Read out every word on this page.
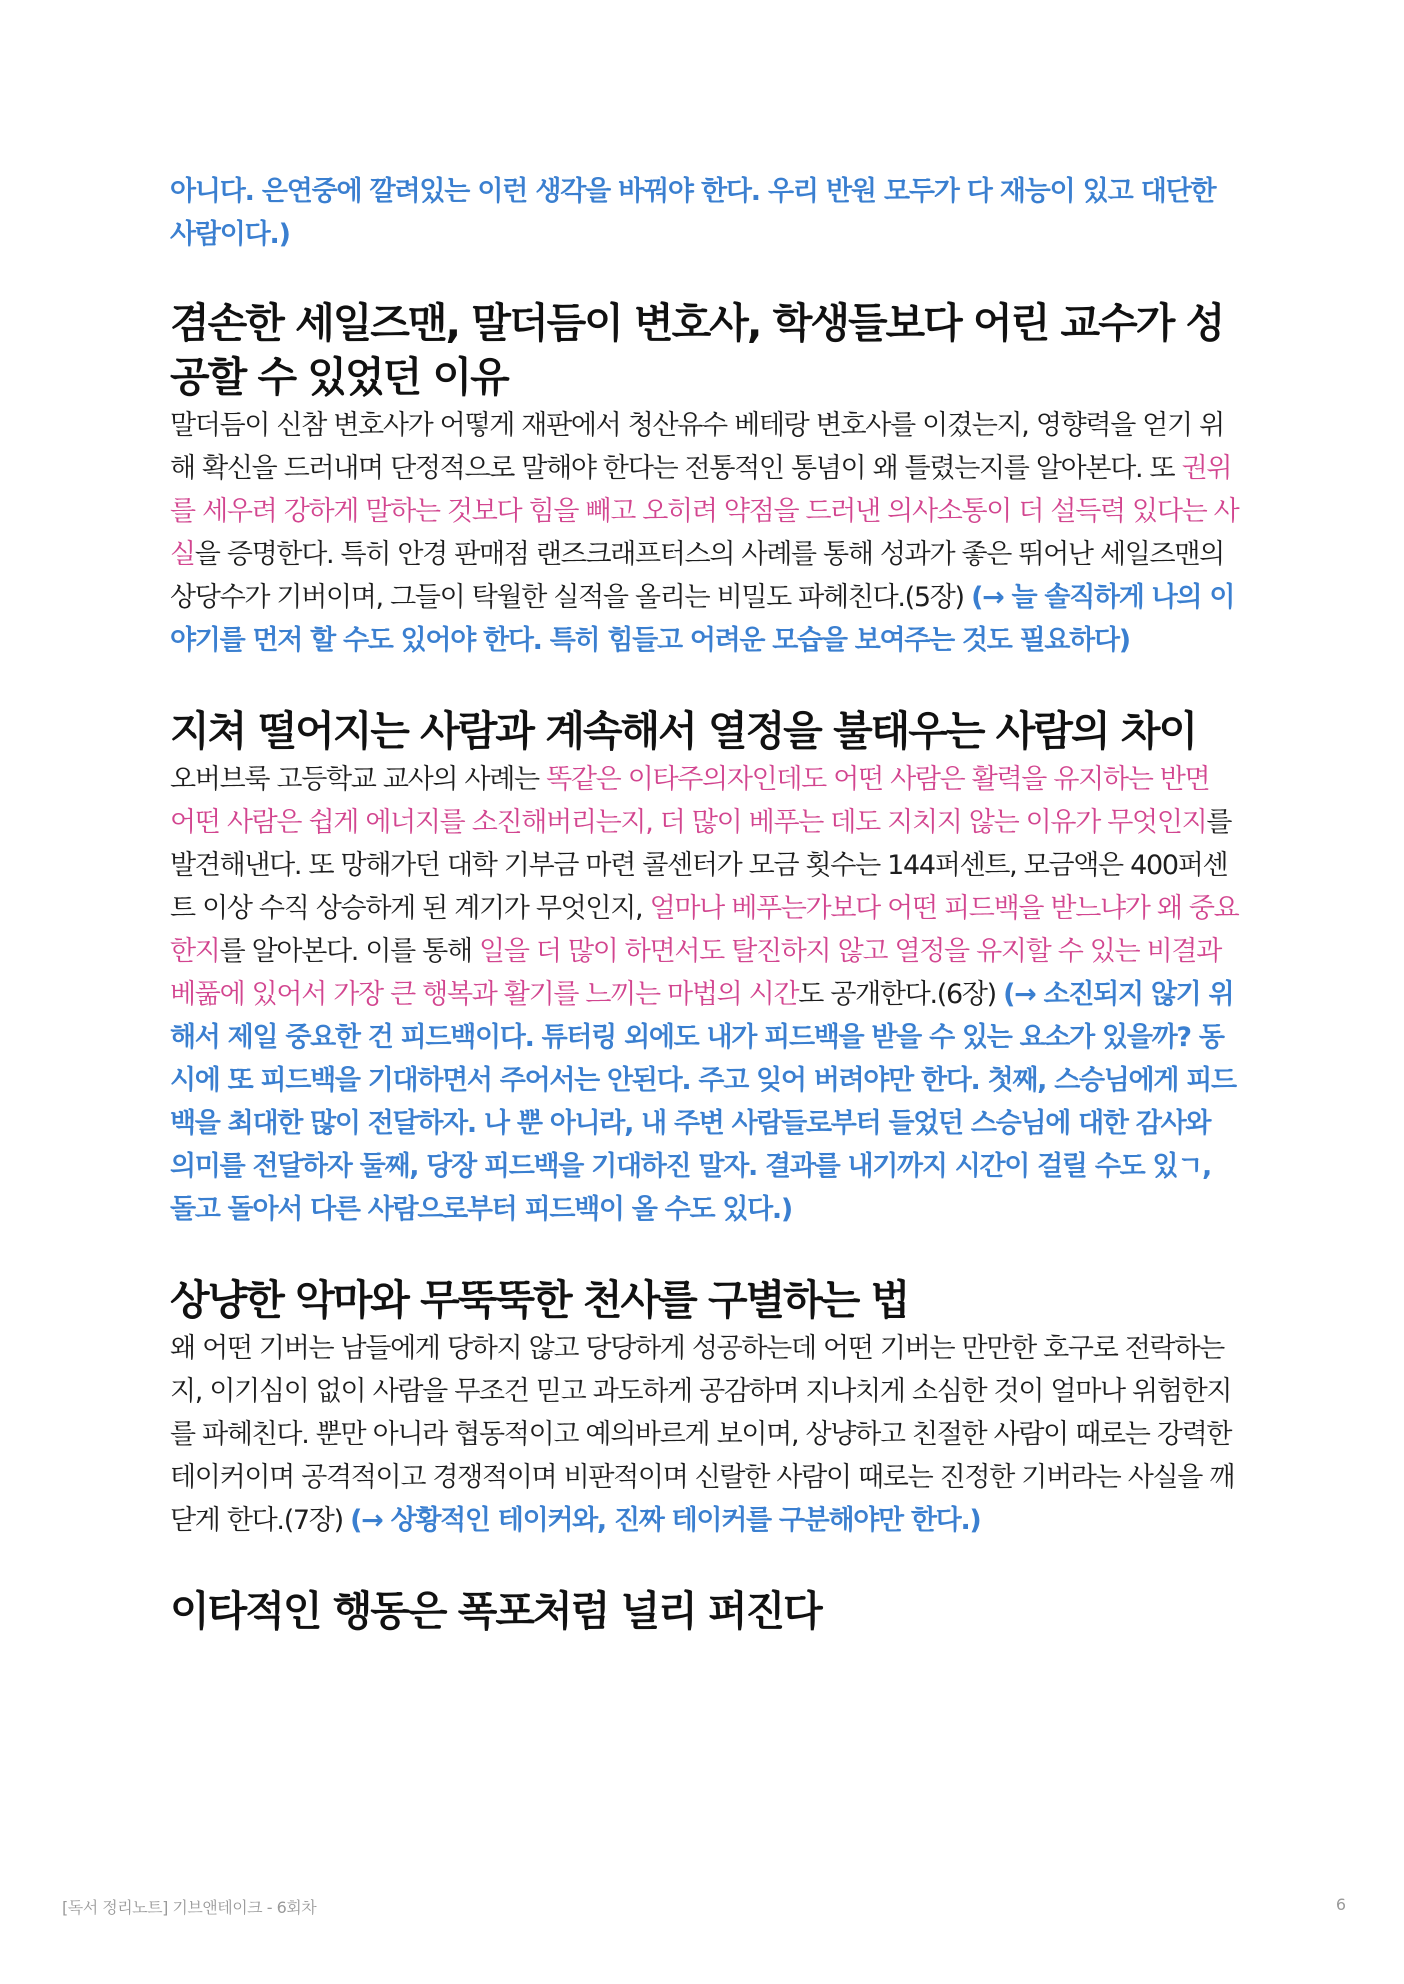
아니다. 은연중에 깔려있는 이런 생각을 바꿔야 한다. 우리 반원 모두가 다 재능이 있고 대단한 사람이다.)
겸손한 세일즈맨, 말더듬이 변호사, 학생들보다 어린 교수가 성공할 수 있었던 이유

말더듬이 신참 변호사가 어떻게 재판에서 청산유수 베테랑 변호사를 이겼는지, 영향력을 얻기 위해 확신을 드러내며 단정적으로 말해야 한다는 전통적인 통념이 왜 틀렸는지를 알아본다. 또 권위를 세우려 강하게 말하는 것보다 힘을 빼고 오히려 약점을 드러낸 의사소통이 더 설득력 있다는 사실을 증명한다. 특히 안경 판매점 랜즈크래프터스의 사례를 통해 성과가 좋은 뛰어난 세일즈맨의 상당수가 기버이며, 그들이 탁월한 실적을 올리는 비밀도 파헤친다.(5장) (→ 늘 솔직하게 나의 이야기를 먼저 할 수도 있어야 한다. 특히 힘들고 어려운 모습을 보여주는 것도 필요하다)

지쳐 떨어지는 사람과 계속해서 열정을 불태우는 사람의 차이

오버브룩 고등학교 교사의 사례는 똑같은 이타주의자인데도 어떤 사람은 활력을 유지하는 반면 어떤 사람은 쉽게 에너지를 소진해버리는지, 더 많이 베푸는 데도 지치지 않는 이유가 무엇인지를 발견해낸다. 또 망해가던 대학 기부금 마련 콜센터가 모금 횟수는 144퍼센트, 모금액은 400퍼센트 이상 수직 상승하게 된 계기가 무엇인지, 얼마나 베푸는가보다 어떤 피드백을 받느냐가 왜 중요한지를 알아본다. 이를 통해 일을 더 많이 하면서도 탈진하지 않고 열정을 유지할 수 있는 비결과 베풂에 있어서 가장 큰 행복과 활기를 느끼는 마법의 시간도 공개한다.(6장) (→ 소진되지 않기 위해서 제일 중요한 건 피드백이다. 튜터링 외에도 내가 피드백을 받을 수 있는 요소가 있을까? 동시에 또 피드백을 기대하면서 주어서는 안된다. 주고 잊어 버려야만 한다. 첫째, 스승님에게 피드백을 최대한 많이 전달하자. 나 뿐 아니라, 내 주변 사람들로부터 들었던 스승님에 대한 감사와 의미를 전달하자 둘째, 당장 피드백을 기대하진 말자. 결과를 내기까지 시간이 걸릴 수도 있ㄱ, 돌고 돌아서 다른 사람으로부터 피드백이 올 수도 있다.)

상냥한 악마와 무뚝뚝한 천사를 구별하는 법

왜 어떤 기버는 남들에게 당하지 않고 당당하게 성공하는데 어떤 기버는 만만한 호구로 전락하는지, 이기심이 없이 사람을 무조건 믿고 과도하게 공감하며 지나치게 소심한 것이 얼마나 위험한지를 파헤친다. 뿐만 아니라 협동적이고 예의바르게 보이며, 상냥하고 친절한 사람이 때로는 강력한 테이커이며 공격적이고 경쟁적이며 비판적이며 신랄한 사람이 때로는 진정한 기버라는 사실을 깨닫게 한다.(7장) (→ 상황적인 테이커와, 진짜 테이커를 구분해야만 한다.)

이타적인 행동은 폭포처럼 널리 퍼진다
[독서 정리노트] 기브앤테이크 - 6회차	6
